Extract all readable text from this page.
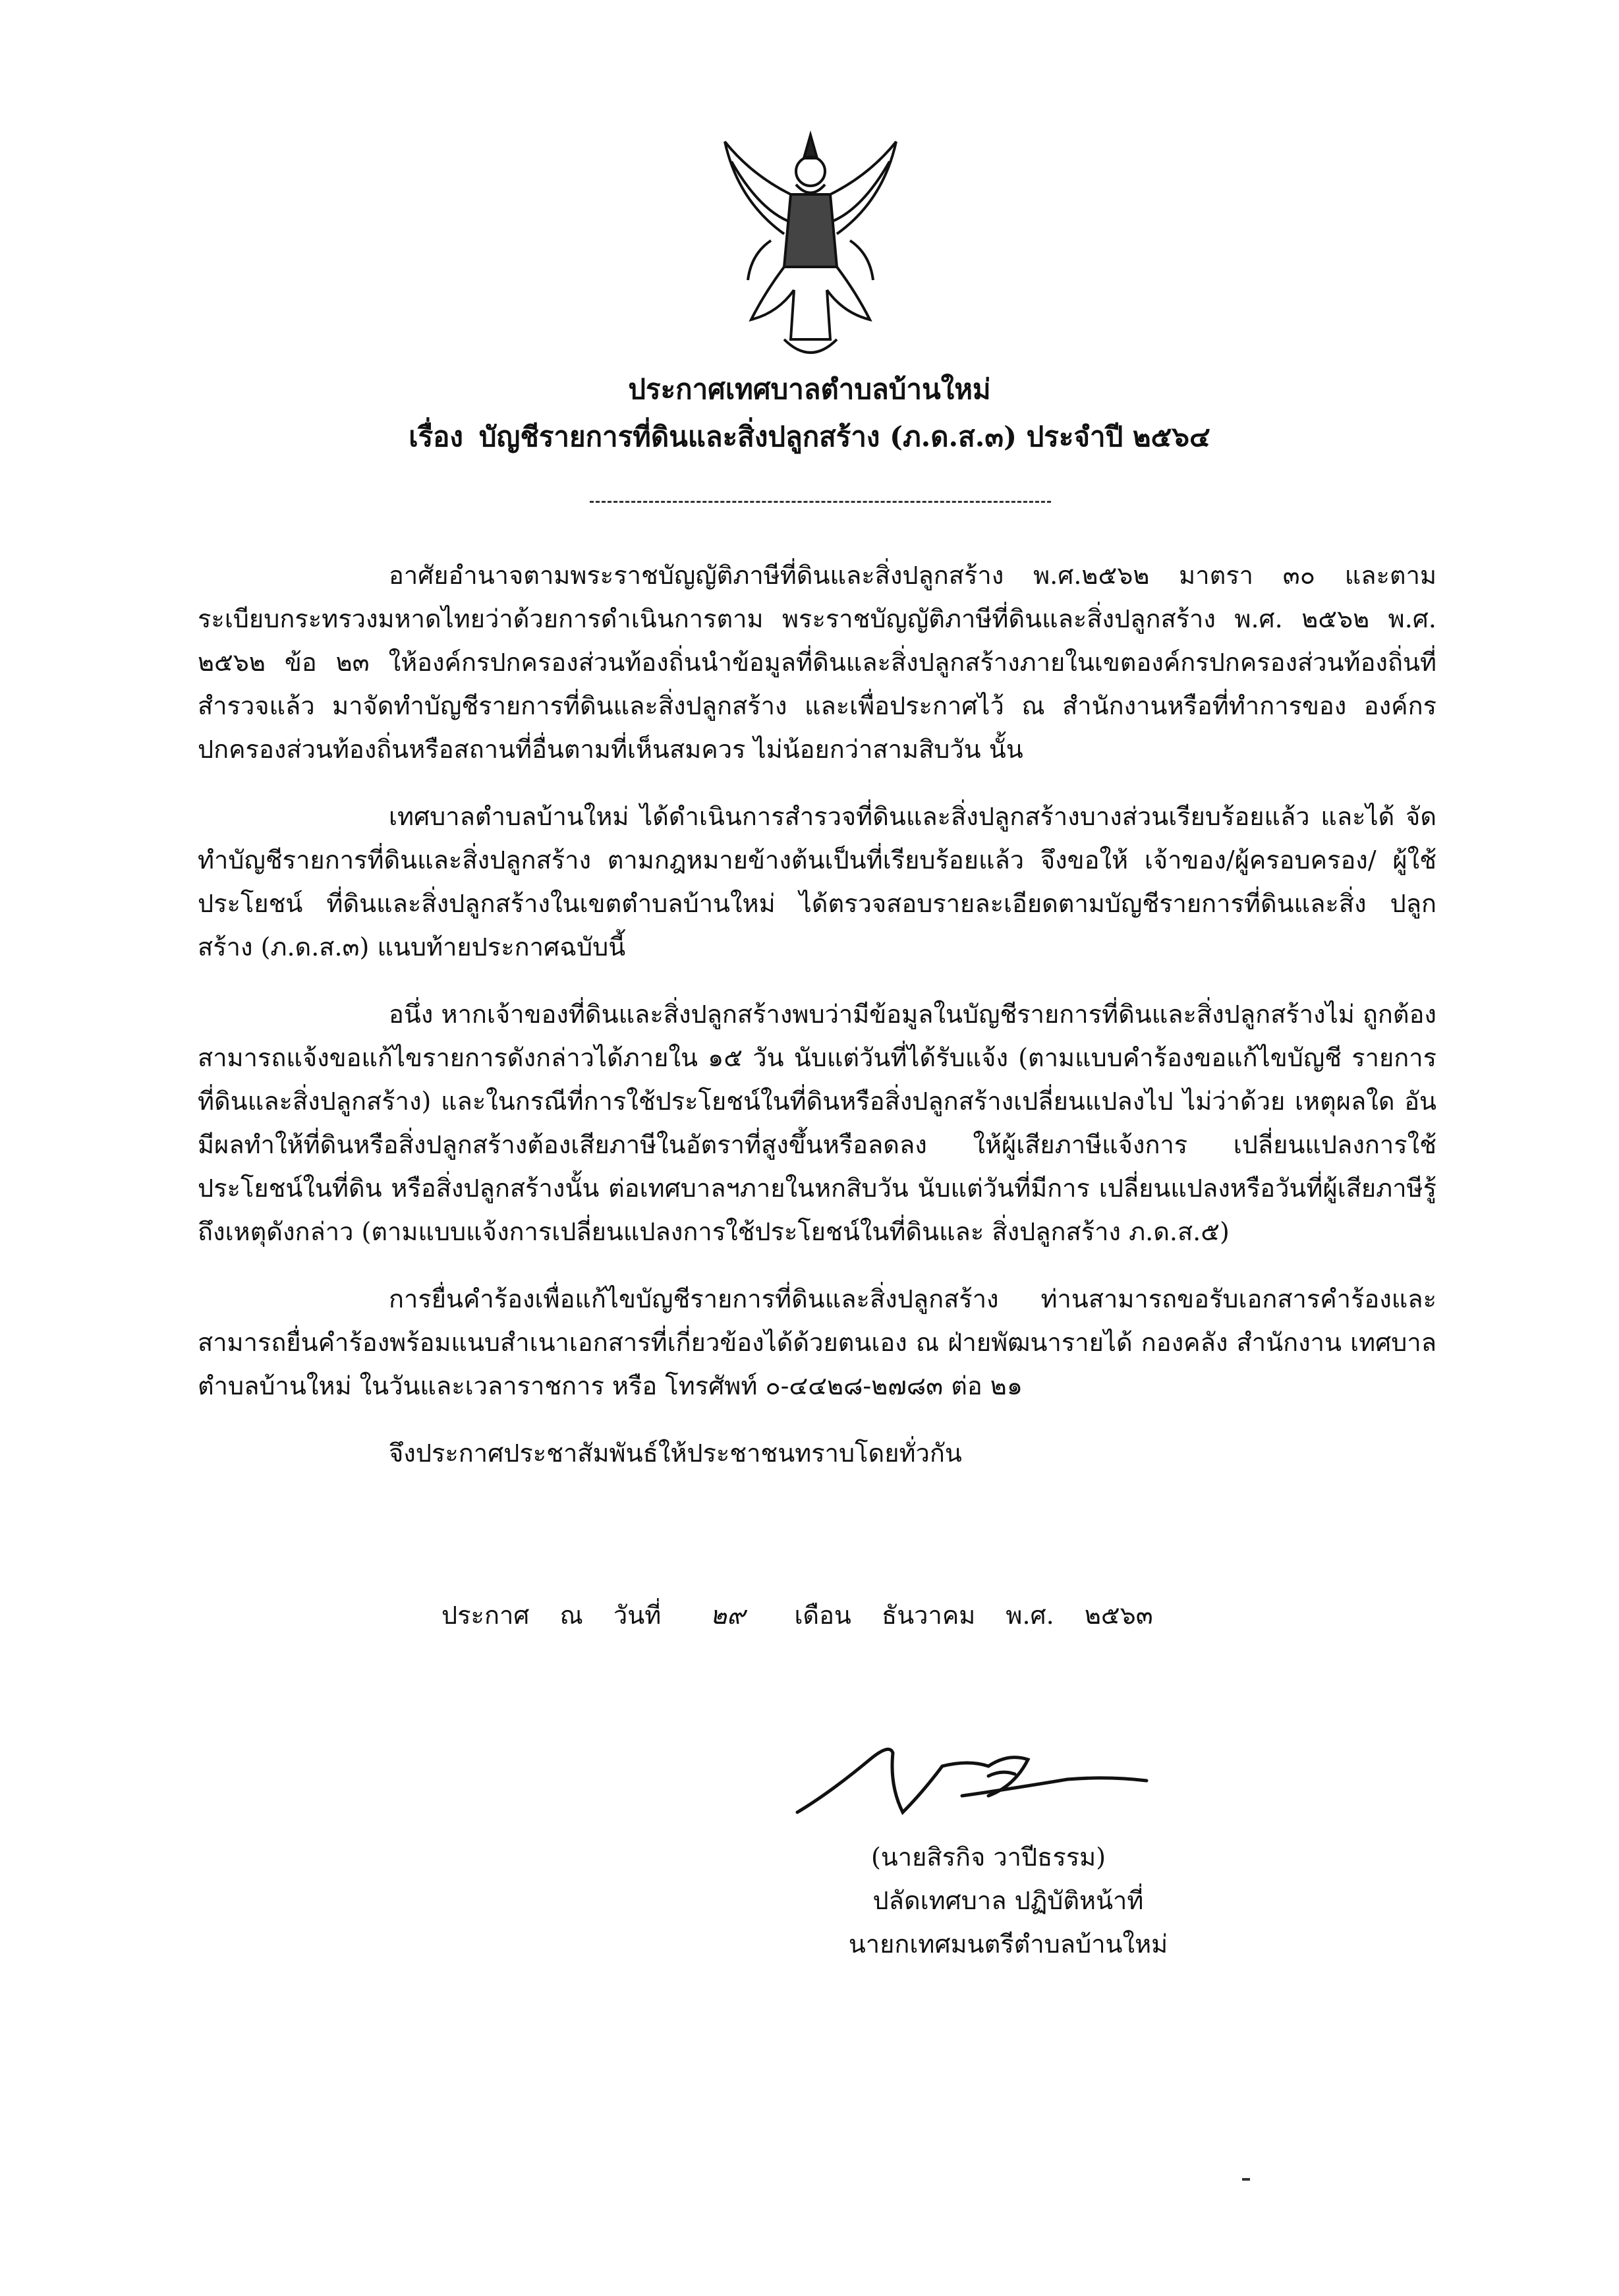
ประกาศเทศบาลตำบลบ้านใหม่
เรื่อง บัญชีรายการที่ดินและสิ่งปลูกสร้าง (ภ.ด.ส.๓) ประจำปี ๒๕๖๔

อาศัยอำนาจตามพระราชบัญญัติภาษีที่ดินและสิ่งปลูกสร้าง พ.ศ.๒๕๖๒ มาตรา ๓๐ และตาม ระเบียบกระทรวงมหาดไทยว่าด้วยการดำเนินการตาม พระราชบัญญัติภาษีที่ดินและสิ่งปลูกสร้าง พ.ศ. ๒๕๖๒ พ.ศ. ๒๕๖๒ ข้อ ๒๓ ให้องค์กรปกครองส่วนท้องถิ่นนำข้อมูลที่ดินและสิ่งปลูกสร้างภายในเขตองค์กรปกครองส่วนท้องถิ่นที่สำรวจแล้ว มาจัดทำบัญชีรายการที่ดินและสิ่งปลูกสร้าง และเพื่อประกาศไว้ ณ สำนักงานหรือที่ทำการของ องค์กรปกครองส่วนท้องถิ่นหรือสถานที่อื่นตามที่เห็นสมควร ไม่น้อยกว่าสามสิบวัน นั้น

เทศบาลตำบลบ้านใหม่ ได้ดำเนินการสำรวจที่ดินและสิ่งปลูกสร้างบางส่วนเรียบร้อยแล้ว และได้ จัดทำบัญชีรายการที่ดินและสิ่งปลูกสร้าง ตามกฎหมายข้างต้นเป็นที่เรียบร้อยแล้ว จึงขอให้ เจ้าของ/ผู้ครอบครอง/ ผู้ใช้ประโยชน์ ที่ดินและสิ่งปลูกสร้างในเขตตำบลบ้านใหม่ ได้ตรวจสอบรายละเอียดตามบัญชีรายการที่ดินและสิ่ง ปลูกสร้าง (ภ.ด.ส.๓) แนบท้ายประกาศฉบับนี้

อนึ่ง หากเจ้าของที่ดินและสิ่งปลูกสร้างพบว่ามีข้อมูลในบัญชีรายการที่ดินและสิ่งปลูกสร้างไม่ ถูกต้อง สามารถแจ้งขอแก้ไขรายการดังกล่าวได้ภายใน ๑๕ วัน นับแต่วันที่ได้รับแจ้ง (ตามแบบคำร้องขอแก้ไขบัญชี รายการที่ดินและสิ่งปลูกสร้าง) และในกรณีที่การใช้ประโยชน์ในที่ดินหรือสิ่งปลูกสร้างเปลี่ยนแปลงไป ไม่ว่าด้วย เหตุผลใด อันมีผลทำให้ที่ดินหรือสิ่งปลูกสร้างต้องเสียภาษีในอัตราที่สูงขึ้นหรือลดลง ให้ผู้เสียภาษีแจ้งการ เปลี่ยนแปลงการใช้ประโยชน์ในที่ดิน หรือสิ่งปลูกสร้างนั้น ต่อเทศบาลฯภายในหกสิบวัน นับแต่วันที่มีการ เปลี่ยนแปลงหรือวันที่ผู้เสียภาษีรู้ถึงเหตุดังกล่าว (ตามแบบแจ้งการเปลี่ยนแปลงการใช้ประโยชน์ในที่ดินและ สิ่งปลูกสร้าง ภ.ด.ส.๕)

การยื่นคำร้องเพื่อแก้ไขบัญชีรายการที่ดินและสิ่งปลูกสร้าง ท่านสามารถขอรับเอกสารคำร้องและ สามารถยื่นคำร้องพร้อมแนบสำเนาเอกสารที่เกี่ยวข้องได้ด้วยตนเอง ณ ฝ่ายพัฒนารายได้ กองคลัง สำนักงาน เทศบาลตำบลบ้านใหม่ ในวันและเวลาราชการ หรือ โทรศัพท์ ๐-๔๔๒๘-๒๗๘๓ ต่อ ๒๑

จึงประกาศประชาสัมพันธ์ให้ประชาชนทราบโดยทั่วกัน

ประกาศ ณ วันที่ ๒๙ เดือน ธันวาคม พ.ศ. ๒๕๖๓
(นายสิรกิจ วาปีธรรม)
ปลัดเทศบาล ปฏิบัติหน้าที่
นายกเทศมนตรีตำบลบ้านใหม่
